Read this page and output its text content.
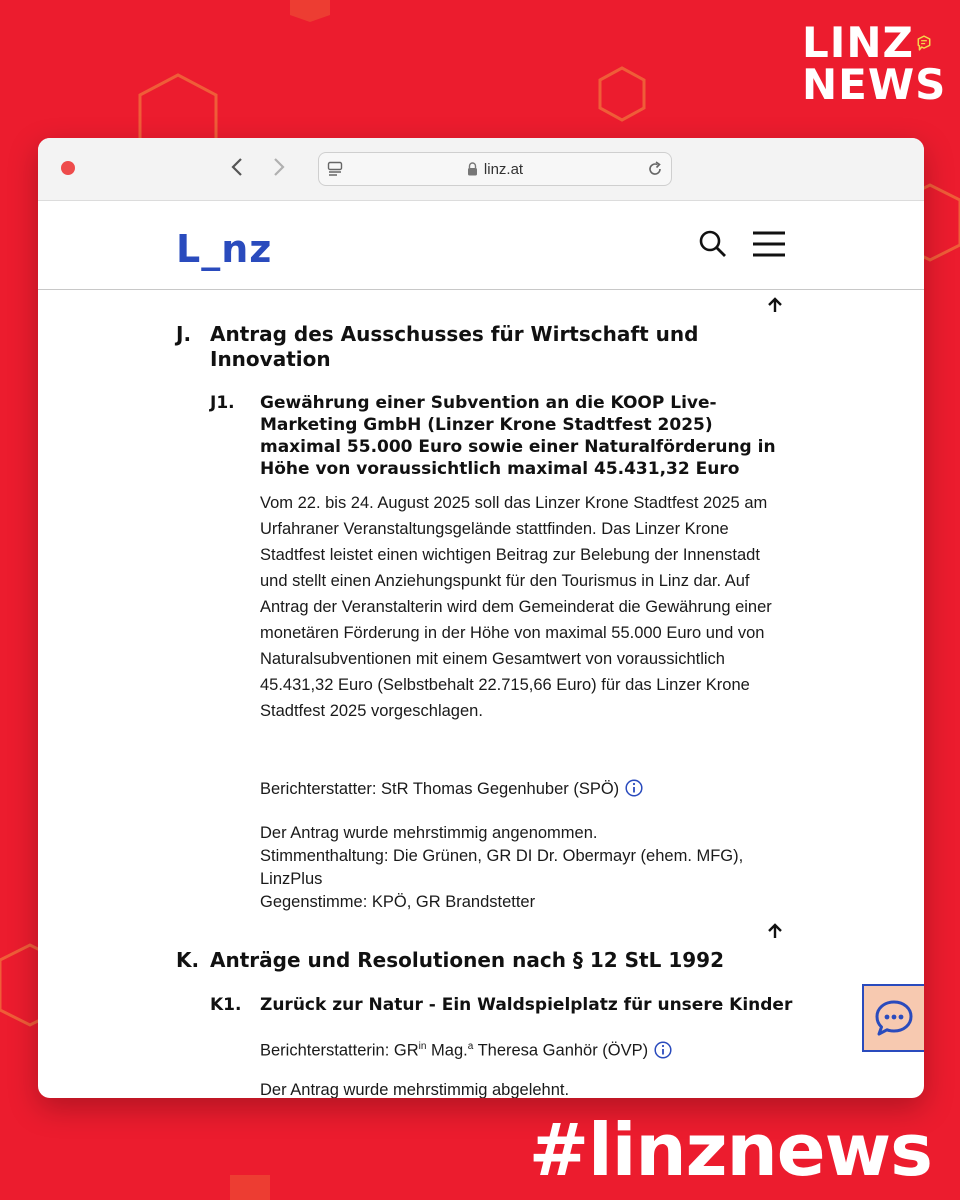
LINZ
NEWS
linz.at
L_nz
J. Antrag des Ausschusses für Wirtschaft und Innovation
J1. Gewährung einer Subvention an die KOOP Live-Marketing GmbH (Linzer Krone Stadtfest 2025) maximal 55.000 Euro sowie einer Naturalförderung in Höhe von voraussichtlich maximal 45.431,32 Euro
Vom 22. bis 24. August 2025 soll das Linzer Krone Stadtfest 2025 am Urfahraner Veranstaltungsgelände stattfinden. Das Linzer Krone Stadtfest leistet einen wichtigen Beitrag zur Belebung der Innenstadt und stellt einen Anziehungspunkt für den Tourismus in Linz dar. Auf Antrag der Veranstalterin wird dem Gemeinderat die Gewährung einer monetären Förderung in der Höhe von maximal 55.000 Euro und von Naturalsubventionen mit einem Gesamtwert von voraussichtlich 45.431,32 Euro (Selbstbehalt 22.715,66 Euro) für das Linzer Krone Stadtfest 2025 vorgeschlagen.
Berichterstatter: StR Thomas Gegenhuber (SPÖ)
Der Antrag wurde mehrstimmig angenommen.
Stimmenthaltung: Die Grünen, GR DI Dr. Obermayr (ehem. MFG), LinzPlus
Gegenstimme: KPÖ, GR Brandstetter
K. Anträge und Resolutionen nach § 12 StL 1992
K1. Zurück zur Natur - Ein Waldspielplatz für unsere Kinder
Berichterstatterin: $GR^{in}$ Mag.$^a$ Theresa Ganhör (ÖVP)
Der Antrag wurde mehrstimmig abgelehnt.
#linznews
